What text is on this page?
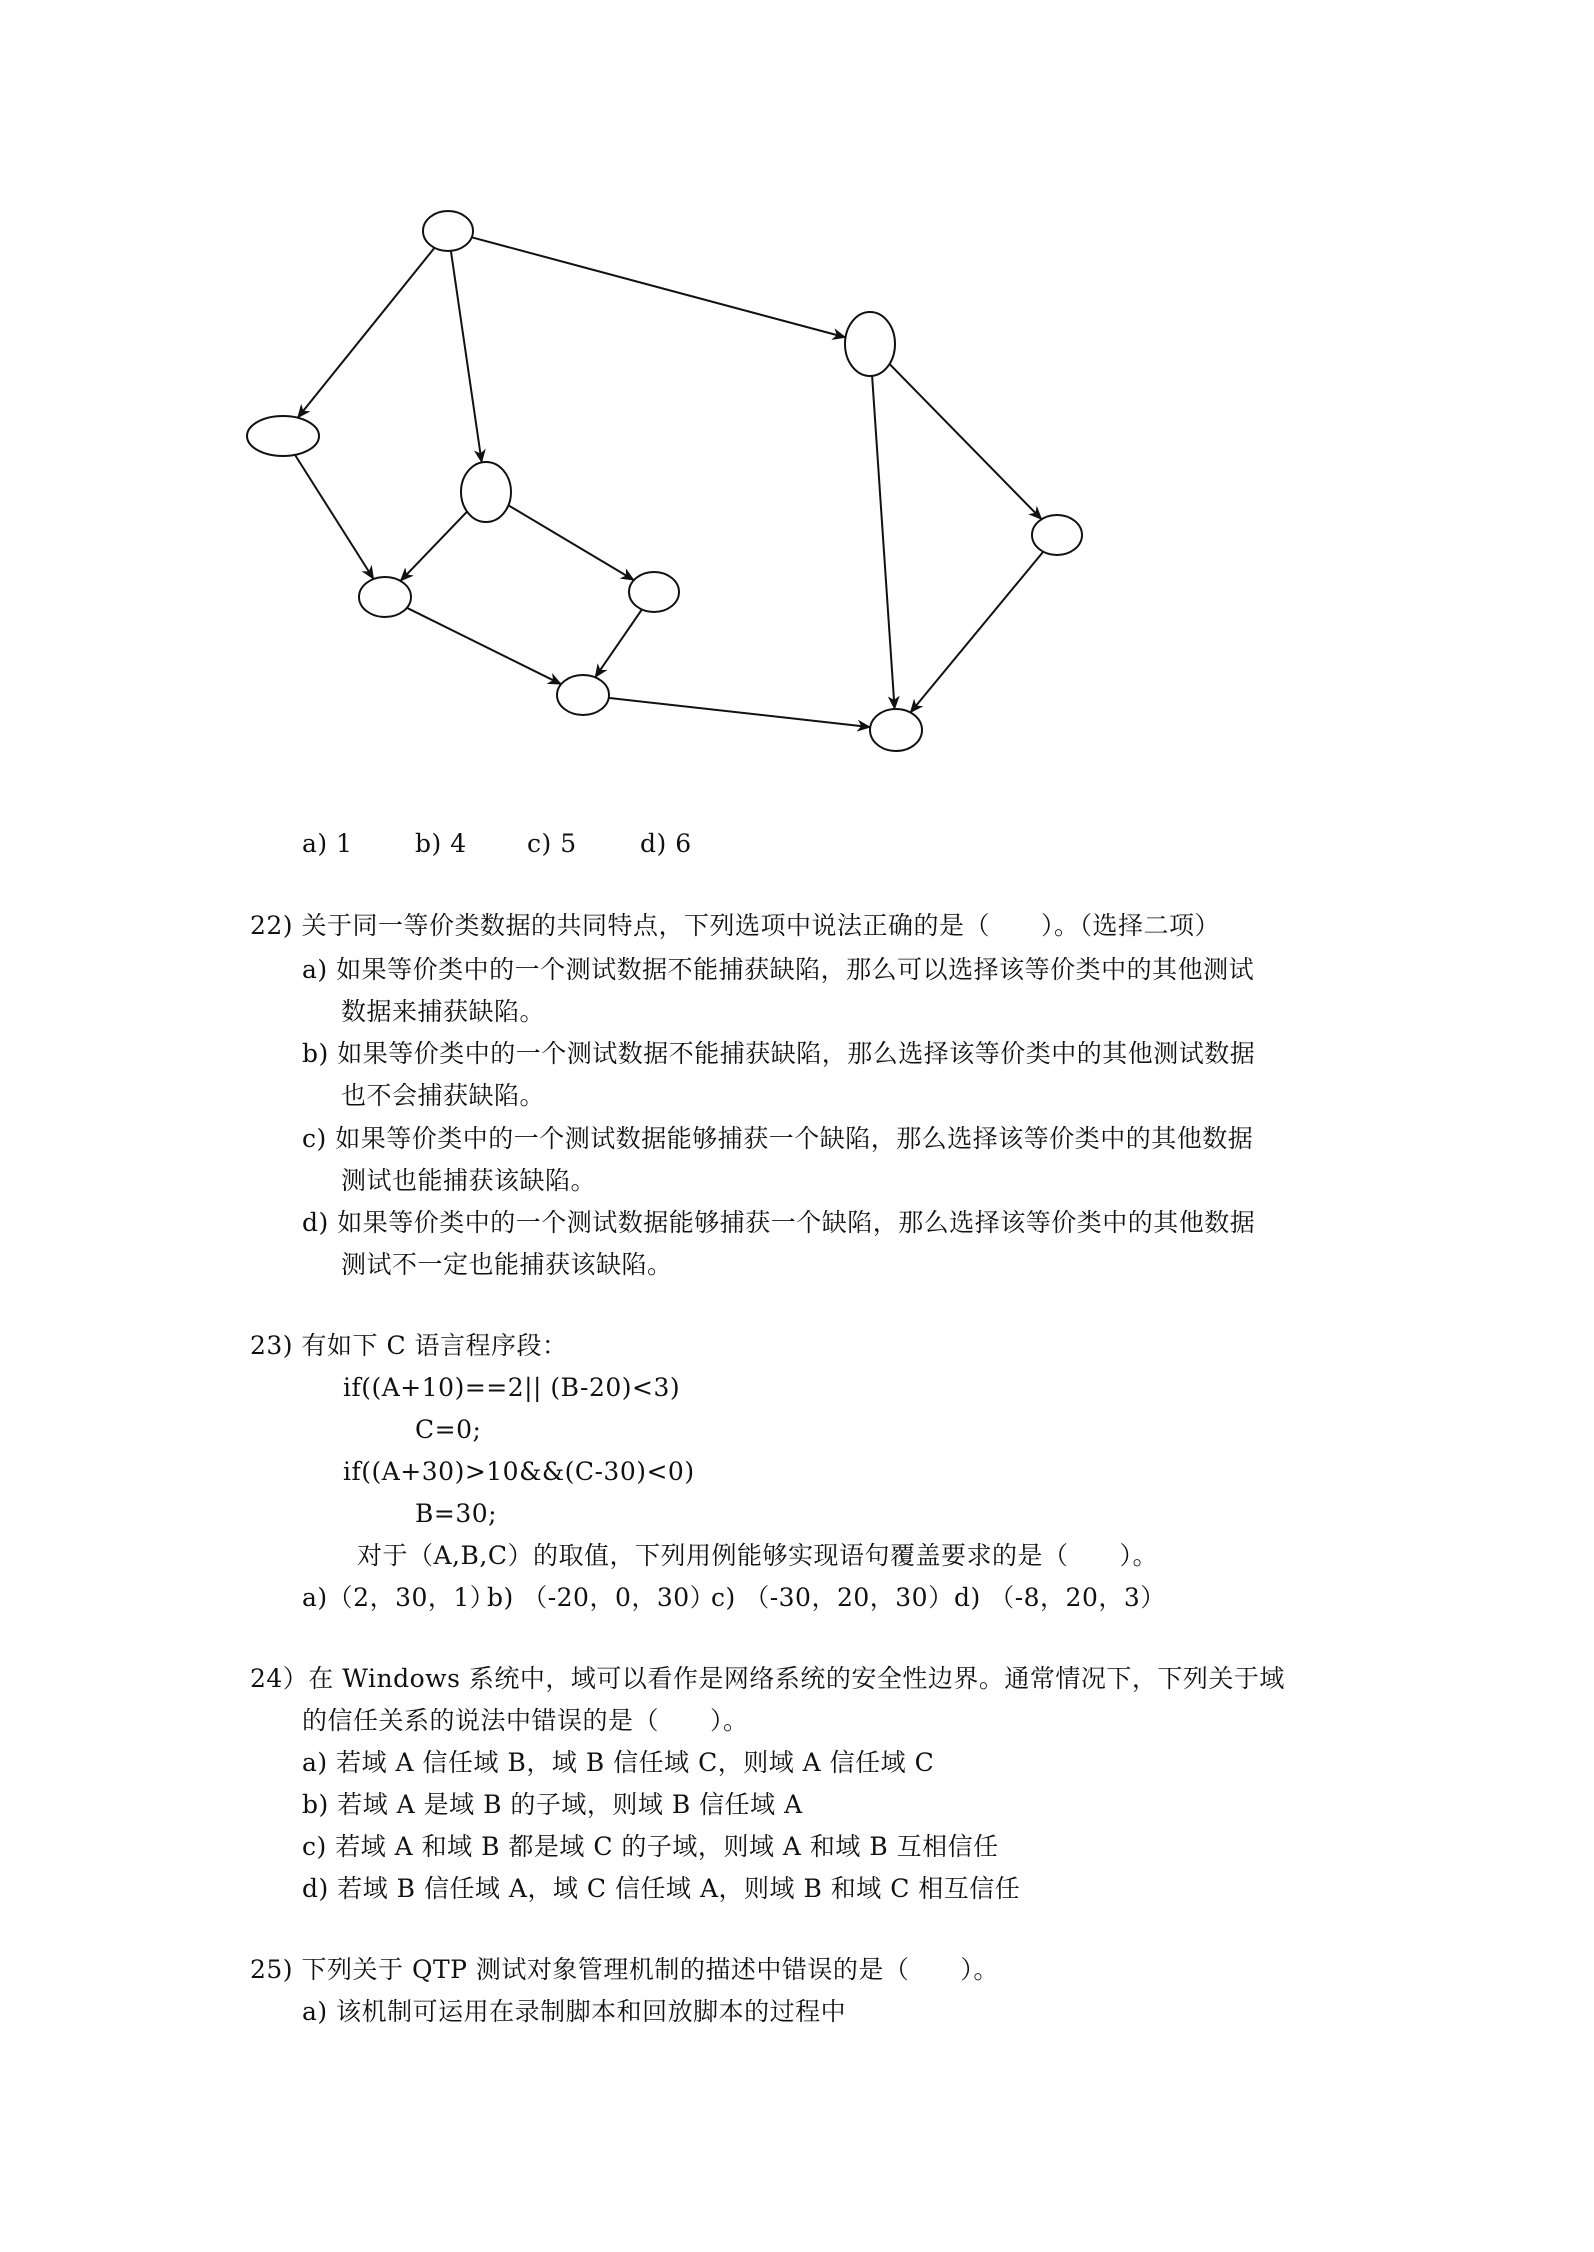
a) 1

b) 4

c) 5

	d) 6

22) 关于同一等价类数据的共同特点，下列选项中说法正确的是（　　）。（选择二项）
a) 如果等价类中的一个测试数据不能捕获缺陷，那么可以选择该等价类中的其他测试
数据来捕获缺陷。
b) 如果等价类中的一个测试数据不能捕获缺陷，那么选择该等价类中的其他测试数据
也不会捕获缺陷。
c) 如果等价类中的一个测试数据能够捕获一个缺陷，那么选择该等价类中的其他数据
测试也能捕获该缺陷。
d) 如果等价类中的一个测试数据能够捕获一个缺陷，那么选择该等价类中的其他数据
测试不一定也能捕获该缺陷。
23) 有如下 C 语言程序段：
if((A+10)==2|| (B-20)<3)
C=0;
if((A+30)>10&&(C-30)<0)
B=30;
对于（A,B,C）的取值，下列用例能够实现语句覆盖要求的是（　　）。

a)（2，30，1）

b) （-20，0，30）

c) （-30，20，30）

d) （-8，20，3）

24）在 Windows 系统中，域可以看作是网络系统的安全性边界。通常情况下，下列关于域
的信任关系的说法中错误的是（　　）。
a) 若域 A 信任域 B，域 B 信任域 C，则域 A 信任域 C
b) 若域 A 是域 B 的子域，则域 B 信任域 A
c) 若域 A 和域 B 都是域 C 的子域，则域 A 和域 B 互相信任
d) 若域 B 信任域 A，域 C 信任域 A，则域 B 和域 C 相互信任
25) 下列关于 QTP 测试对象管理机制的描述中错误的是（　　）。
a) 该机制可运用在录制脚本和回放脚本的过程中
